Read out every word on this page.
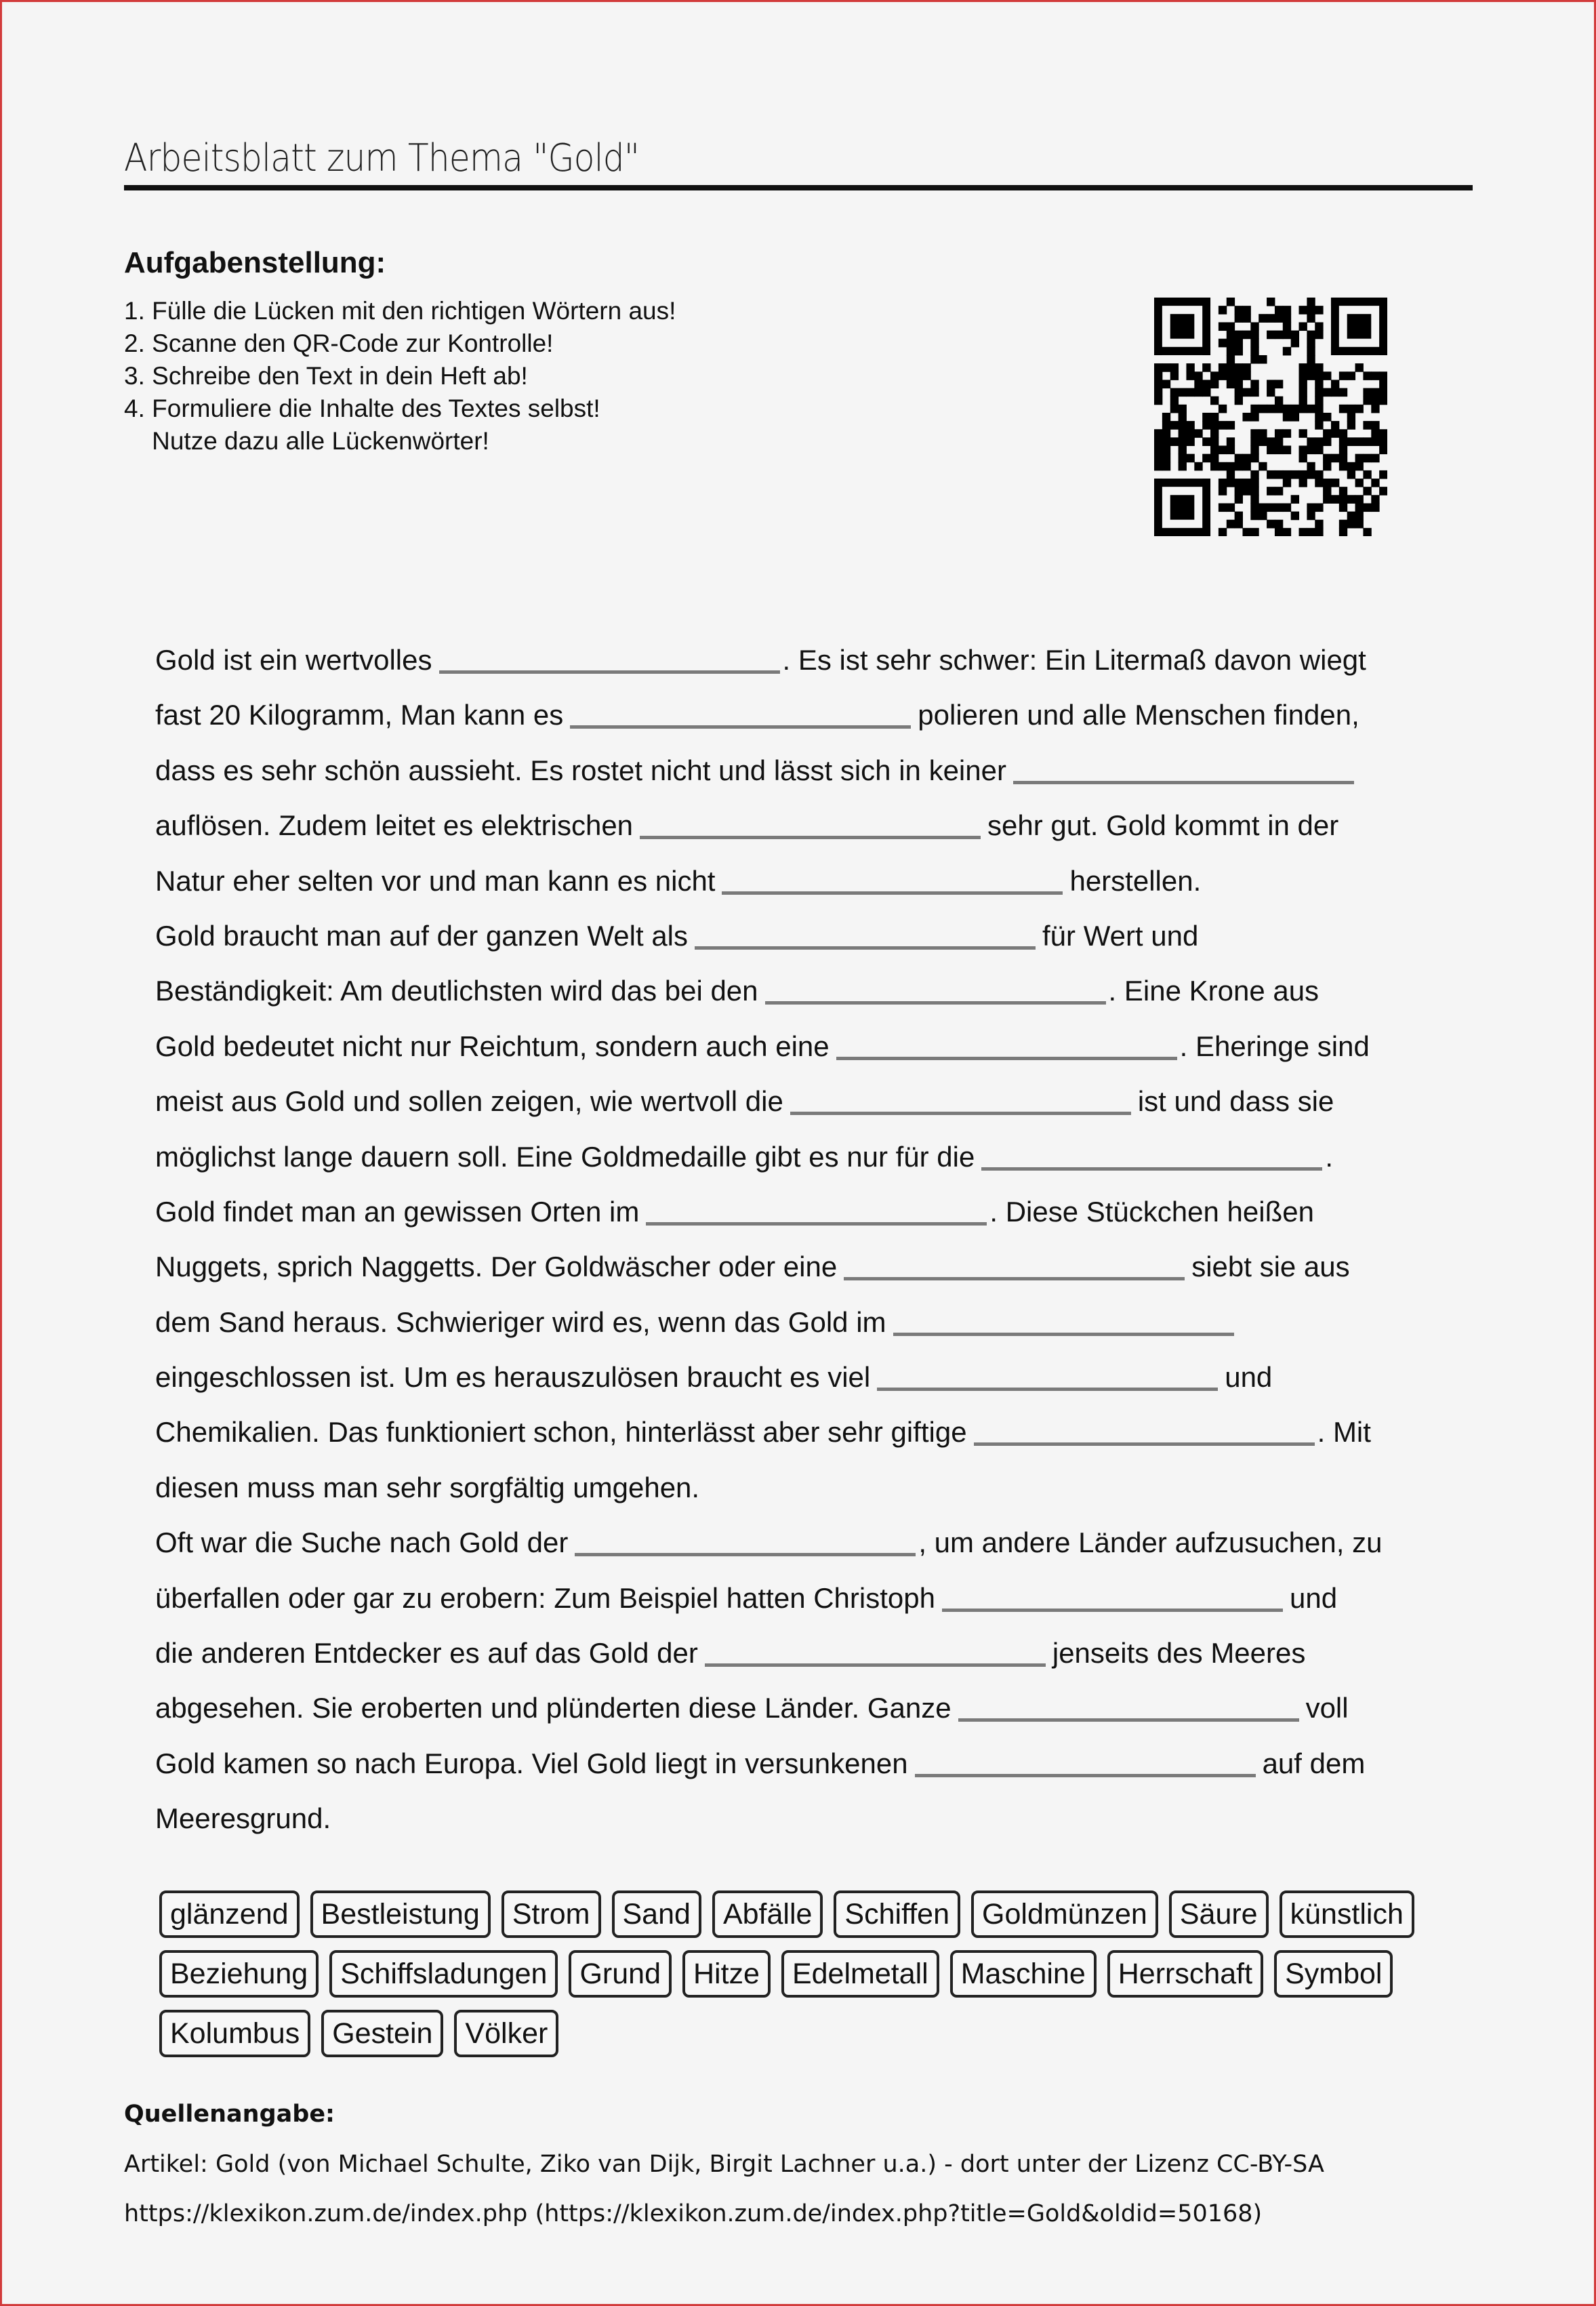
Arbeitsblatt zum Thema "Gold"
Aufgabenstellung:
1. Fülle die Lücken mit den richtigen Wörtern aus!
2. Scanne den QR-Code zur Kontrolle!
3. Schreibe den Text in dein Heft ab!
4. Formuliere die Inhalte des Textes selbst!
Nutze dazu alle Lückenwörter!
Gold ist ein wertvolles	. Es ist sehr schwer: Ein Litermaß davon wiegt
fast 20 Kilogramm, Man kann es	polieren und alle Menschen finden,
dass es sehr schön aussieht. Es rostet nicht und lässt sich in keiner
auflösen. Zudem leitet es elektrischen	sehr gut. Gold kommt in der
Natur eher selten vor und man kann es nicht	herstellen.
Gold braucht man auf der ganzen Welt als	für Wert und
Beständigkeit: Am deutlichsten wird das bei den	. Eine Krone aus
Gold bedeutet nicht nur Reichtum, sondern auch eine	. Eheringe sind
meist aus Gold und sollen zeigen, wie wertvoll die	ist und dass sie
möglichst lange dauern soll. Eine Goldmedaille gibt es nur für die	.
Gold findet man an gewissen Orten im	. Diese Stückchen heißen
Nuggets, sprich Naggetts. Der Goldwäscher oder eine	siebt sie aus
dem Sand heraus. Schwieriger wird es, wenn das Gold im
eingeschlossen ist. Um es herauszulösen braucht es viel	und
Chemikalien. Das funktioniert schon, hinterlässt aber sehr giftige	. Mit
diesen muss man sehr sorgfältig umgehen.
Oft war die Suche nach Gold der	, um andere Länder aufzusuchen, zu
überfallen oder gar zu erobern: Zum Beispiel hatten Christoph	und
die anderen Entdecker es auf das Gold der	jenseits des Meeres
abgesehen. Sie eroberten und plünderten diese Länder. Ganze	voll
Gold kamen so nach Europa. Viel Gold liegt in versunkenen	auf dem
Meeresgrund.
glänzend	Bestleistung	Strom	Sand	Abfälle	Schiffen	Goldmünzen	Säure	künstlich
Beziehung	Schiffsladungen	Grund	Hitze	Edelmetall	Maschine	Herrschaft	Symbol
Kolumbus	Gestein	Völker
Quellenangabe:
Artikel: Gold (von Michael Schulte, Ziko van Dijk, Birgit Lachner u.a.) - dort unter der Lizenz CC-BY-SA
https://klexikon.zum.de/index.php (https://klexikon.zum.de/index.php?title=Gold&oldid=50168)
